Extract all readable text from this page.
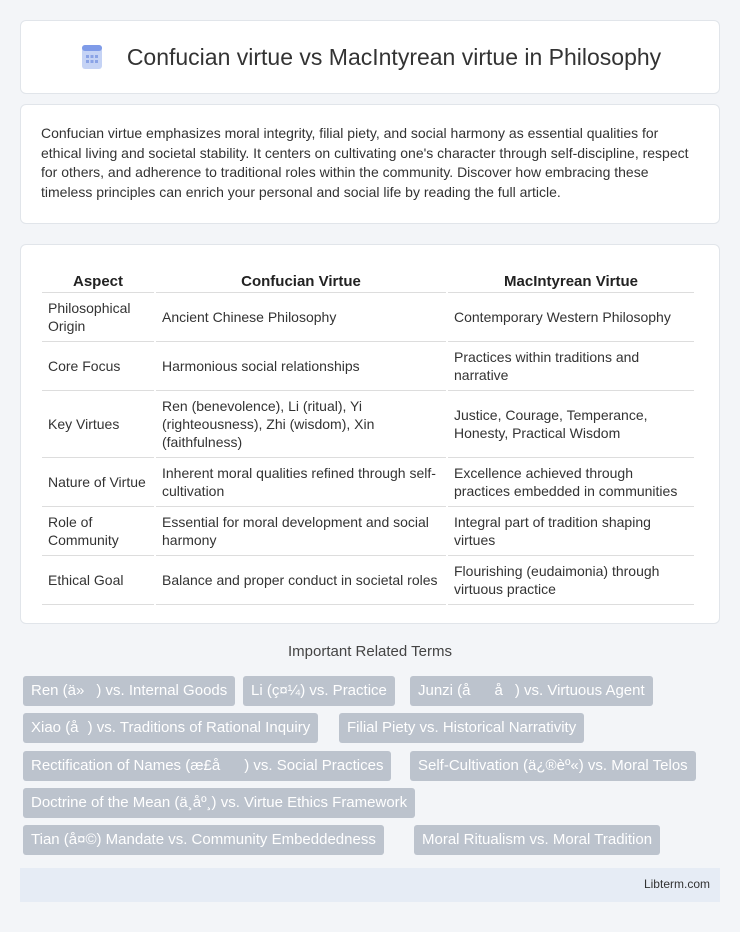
Confucian virtue vs MacIntyrean virtue in Philosophy

Confucian virtue emphasizes moral integrity, filial piety, and social harmony as essential qualities for ethical living and societal stability. It centers on cultivating one's character through self-discipline, respect for others, and adherence to traditional roles within the community. Discover how embracing these timeless principles can enrich your personal and social life by reading the full article.

Aspect	Confucian Virtue	MacIntyrean Virtue
Philosophical Origin	Ancient Chinese Philosophy	Contemporary Western Philosophy
Core Focus	Harmonious social relationships	Practices within traditions and narrative
Key Virtues	Ren (benevolence), Li (ritual), Yi (righteousness), Zhi (wisdom), Xin (faithfulness)	Justice, Courage, Temperance, Honesty, Practical Wisdom
Nature of Virtue	Inherent moral qualities refined through self-cultivation	Excellence achieved through practices embedded in communities
Role of Community	Essential for moral development and social harmony	Integral part of tradition shaping virtues
Ethical Goal	Balance and proper conduct in societal roles	Flourishing (eudaimonia) through virtuous practice
Important Related Terms
Ren (ä») vs. Internal Goods	Li (ç¤¼) vs. Practice	Junzi (åå) vs. Virtuous Agent
Xiao (å) vs. Traditions of Rational Inquiry	Filial Piety vs. Historical Narrativity
Rectification of Names (æ£å) vs. Social Practices	Self-Cultivation (ä¿®èº«) vs. Moral Telos
Doctrine of the Mean (ä¸åº¸) vs. Virtue Ethics Framework
Tian (å¤©) Mandate vs. Community Embeddedness	Moral Ritualism vs. Moral Tradition
Libterm.com
